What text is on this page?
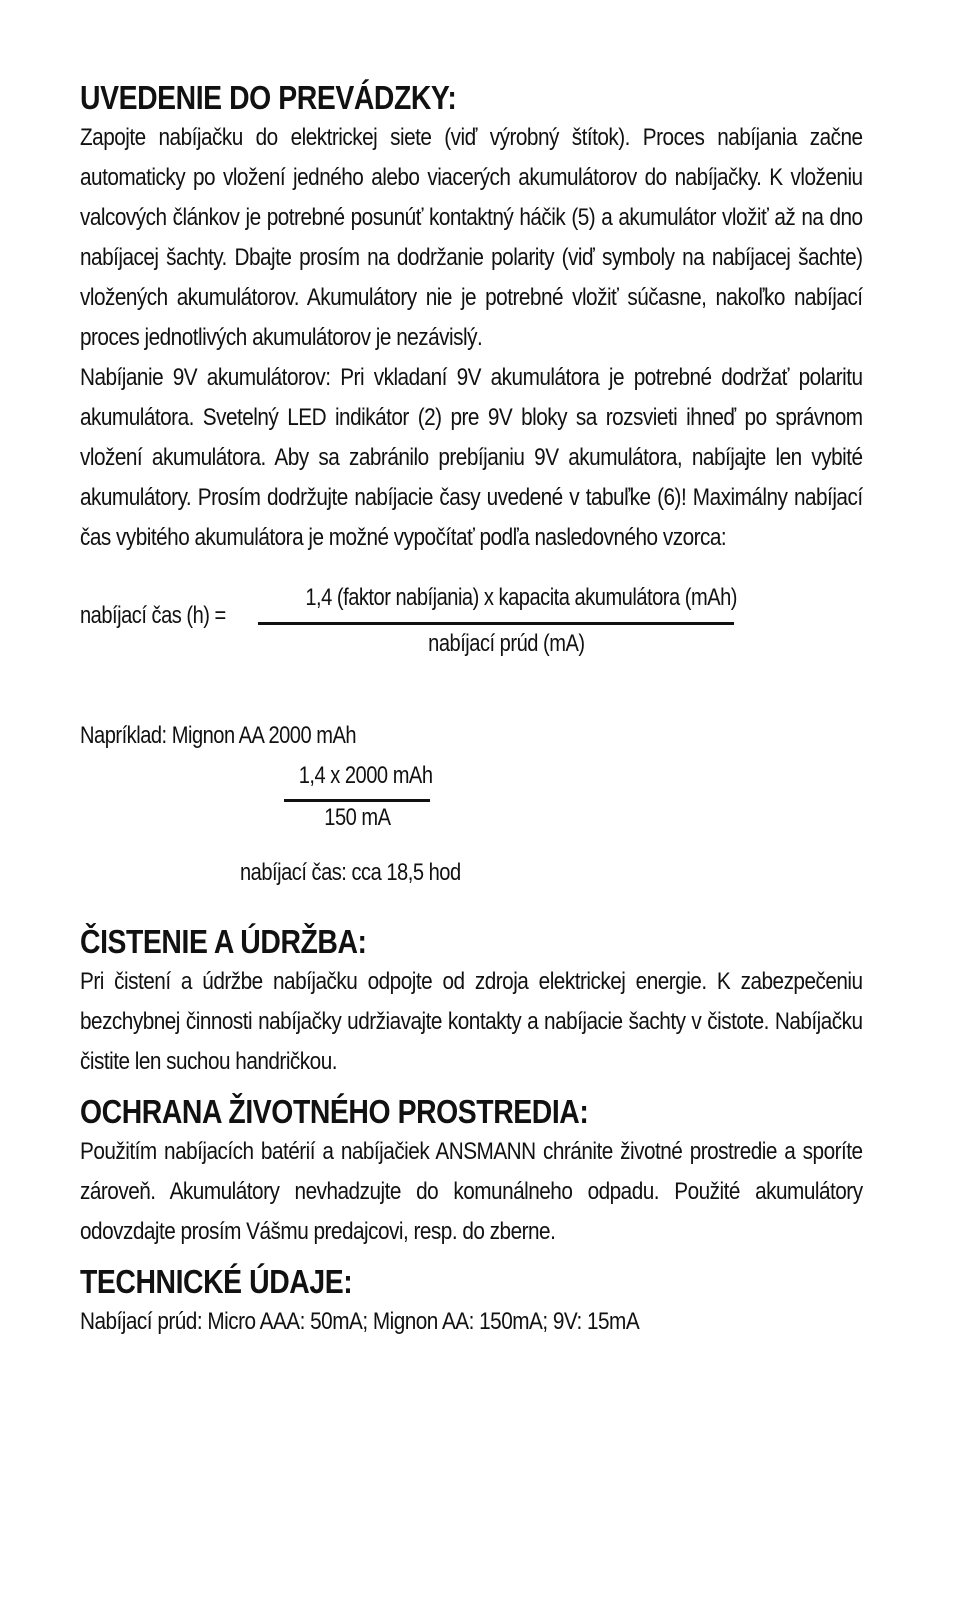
UVEDENIE DO PREVÁDZKY:

Zapojte nabíjačku do elektrickej siete (viď výrobný štítok). Proces nabíjania začne automaticky po vložení jedného alebo viacerých akumulátorov do nabíjačky. K vloženiu valcových článkov je potrebné posunúť kontaktný háčik (5) a akumulátor vložiť až na dno nabíjacej šachty. Dbajte prosím na dodržanie polarity (viď symboly na nabíjacej šachte) vložených akumulátorov. Akumulátory nie je potrebné vložiť súčasne, nakoľko nabíjací proces jednotlivých akumulátorov je nezávislý.

Nabíjanie 9V akumulátorov: Pri vkladaní 9V akumulátora je potrebné dodržať polaritu akumulátora. Svetelný LED indikátor (2) pre 9V bloky sa rozsvieti ihneď po správnom vložení akumulátora. Aby sa zabránilo prebíjaniu 9V akumulátora, nabíjajte len vybité akumulátory. Prosím dodržujte nabíjacie časy uvedené v tabuľke (6)! Maximálny nabíjací čas vybitého akumulátora je možné vypočítať podľa nasledovného vzorca:

nabíjací čas (h) =
1,4 (faktor nabíjania) x kapacita akumulátora (mAh)
nabíjací prúd (mA)
Napríklad: Mignon AA 2000 mAh
1,4 x 2000 mAh
150 mA
nabíjací čas: cca 18,5 hod
ČISTENIE A ÚDRŽBA:

Pri čistení a údržbe nabíjačku odpojte od zdroja elektrickej energie. K zabezpečeniu bezchybnej činnosti nabíjačky udržiavajte kontakty a nabíjacie šachty v čistote. Nabíjačku čistite len suchou handričkou.

OCHRANA ŽIVOTNÉHO PROSTREDIA:

Použitím nabíjacích batérií a nabíjačiek ANSMANN chránite životné prostredie a sporíte zároveň. Akumulátory nevhadzujte do komunálneho odpadu. Použité akumulátory odovzdajte prosím Vášmu predajcovi, resp. do zberne.

TECHNICKÉ ÚDAJE:

Nabíjací prúd: Micro AAA: 50mA; Mignon AA: 150mA; 9V: 15mA
